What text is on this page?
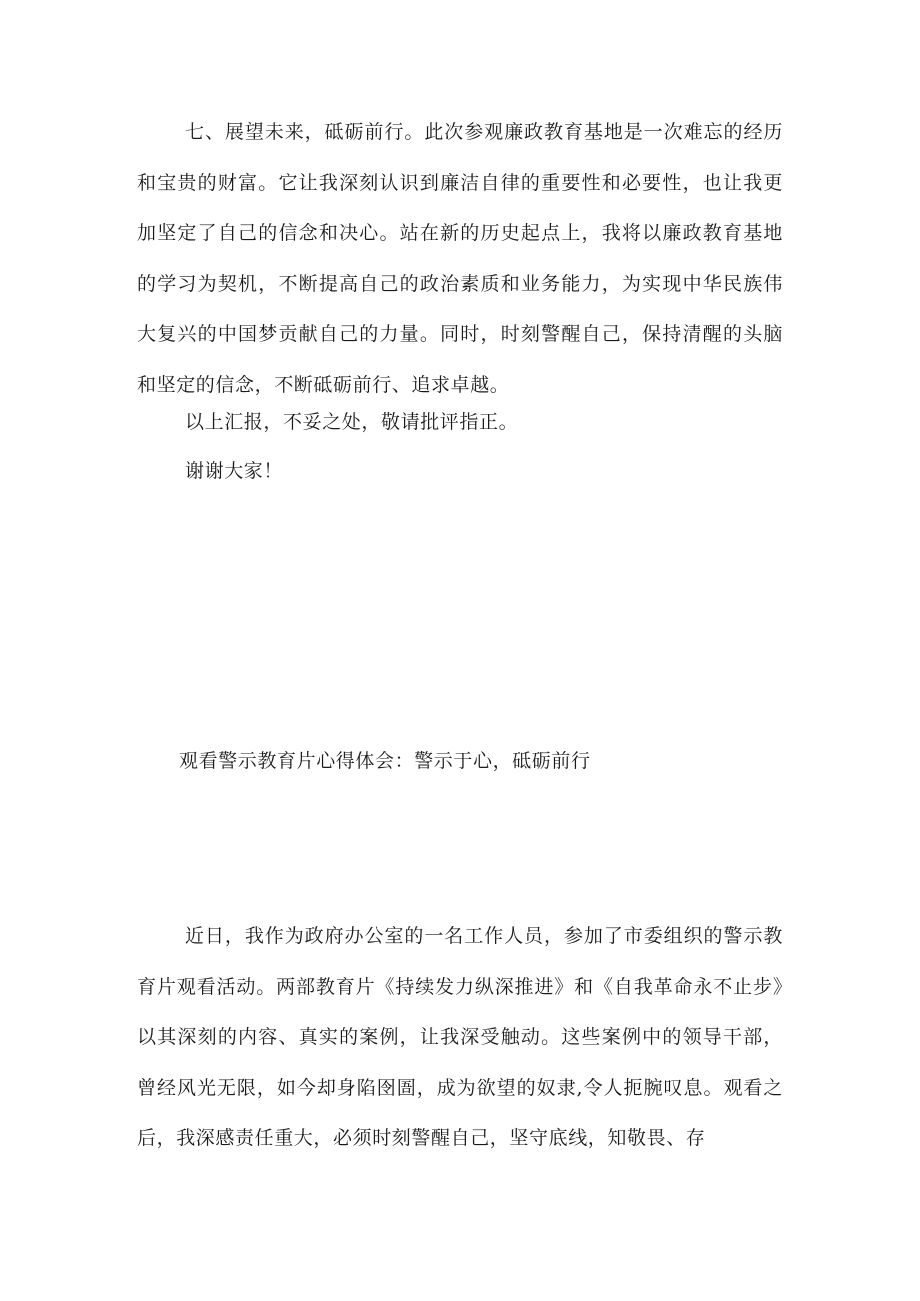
七、展望未来，砥砺前行。此次参观廉政教育基地是一次难忘的经历和宝贵的财富。它让我深刻认识到廉洁自律的重要性和必要性，也让我更加坚定了自己的信念和决心。站在新的历史起点上，我将以廉政教育基地的学习为契机，不断提高自己的政治素质和业务能力，为实现中华民族伟大复兴的中国梦贡献自己的力量。同时，时刻警醒自己，保持清醒的头脑和坚定的信念，不断砥砺前行、追求卓越。

以上汇报，不妥之处，敬请批评指正。

谢谢大家！

观看警示教育片心得体会：警示于心，砥砺前行

近日，我作为政府办公室的一名工作人员，参加了市委组织的警示教育片观看活动。两部教育片《持续发力纵深推进》和《自我革命永不止步》以其深刻的内容、真实的案例，让我深受触动。这些案例中的领导干部，曾经风光无限，如今却身陷囹圄，成为欲望的奴隶,令人扼腕叹息。观看之后，我深感责任重大，必须时刻警醒自己，坚守底线，知敬畏、存
